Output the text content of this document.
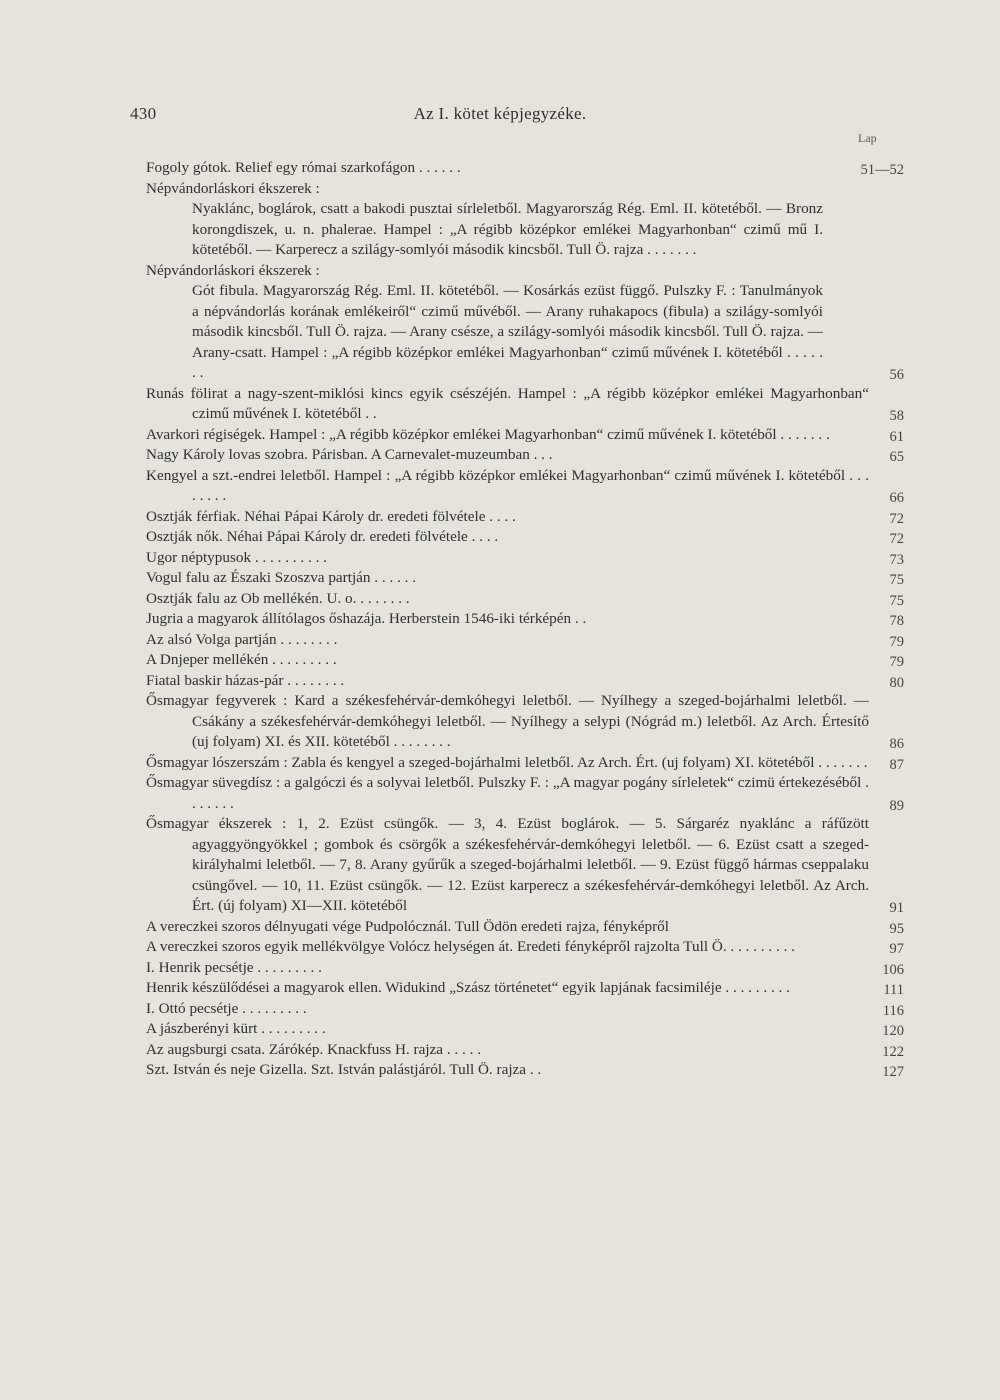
430	Az I. kötet képjegyzéke.
Lap
Fogoly gótok. Relief egy római szarkofágon . . . . . .	51—52
Népvándorláskori ékszerek :
Nyaklánc, boglárok, csatt a bakodi pusztai sírleletből. Magyarország Rég. Eml. II. kötetéből. — Bronz korongdiszek, u. n. phalerae. Hampel : „A régibb középkor emlékei Magyarhonban“ czimű mű I. kötetéből. — Karperecz a szilágy-somlyói második kincsből. Tull Ö. rajza . . . . . . .
Népvándorláskori ékszerek :
Gót fibula. Magyarország Rég. Eml. II. kötetéből. — Kosárkás ezüst függő. Pulszky F. : Tanulmányok a népvándorlás korának emlékeiről“ czimű művéből. — Arany ruhakapocs (fibula) a szilágy-somlyói második kincsből. Tull Ö. rajza. — Arany csésze, a szilágy-somlyói második kincsből. Tull Ö. rajza. — Arany-csatt. Hampel : „A régibb középkor emlékei Magyarhonban“ czimű művének I. kötetéből . . . . . . .	56
Runás fölirat a nagy-szent-miklósi kincs egyik csészéjén. Hampel : „A régibb középkor emlékei Magyarhonban“ czimű művének I. kötetéből . .	58
Avarkori régiségek. Hampel : „A régibb középkor emlékei Magyarhonban“ czimű művének I. kötetéből . . . . . . .	61
Nagy Károly lovas szobra. Párisban. A Carnevalet-muzeumban . . .	65
Kengyel a szt.-endrei leletből. Hampel : „A régibb középkor emlékei Magyarhonban“ czimű művének I. kötetéből . . . . . . . .	66
Osztják férfiak. Néhai Pápai Károly dr. eredeti fölvétele . . . .	72
Osztják nők. Néhai Pápai Károly dr. eredeti fölvétele . . . .	72
Ugor néptypusok . . . . . . . . . .	73
Vogul falu az Északi Szoszva partján . . . . . .	75
Osztják falu az Ob mellékén. U. o. . . . . . . .	75
Jugria a magyarok állítólagos őshazája. Herberstein 1546-iki térképén . .	78
Az alsó Volga partján . . . . . . . .	79
A Dnjeper mellékén . . . . . . . . .	79
Fiatal baskir házas-pár . . . . . . . .	80
Ősmagyar fegyverek : Kard a székesfehérvár-demkóhegyi leletből. — Nyílhegy a szeged-bojárhalmi leletből. — Csákány a székesfehérvár-demkóhegyi leletből. — Nyílhegy a selypi (Nógrád m.) leletből. Az Arch. Értesítő (uj folyam) XI. és XII. kötetéből . . . . . . . .	86
Ősmagyar lószerszám : Zabla és kengyel a szeged-bojárhalmi leletből. Az Arch. Ért. (uj folyam) XI. kötetéből . . . . . . . 87
Ősmagyar süvegdísz : a galgóczi és a solyvai leletből. Pulszky F. : „A magyar pogány sírleletek“ czimü értekezéséből . . . . . . .	89
Ősmagyar ékszerek : 1, 2. Ezüst csüngők. — 3, 4. Ezüst boglárok. — 5. Sárgaréz nyaklánc a ráfűzött agyaggyöngyökkel ; gombok és csörgők a székesfehérvár-demkóhegyi leletből. — 6. Ezüst csatt a szeged-királyhalmi leletből. — 7, 8. Arany gyűrűk a szeged-bojárhalmi leletből. — 9. Ezüst függő hármas cseppalaku csüngővel. — 10, 11. Ezüst csüngők. — 12. Ezüst karperecz a székesfehérvár-demkóhegyi leletből. Az Arch. Ért. (új folyam) XI—XII. kötetéből	91
A vereczkei szoros délnyugati vége Pudpolócznál. Tull Ödön eredeti rajza, fényképről	95
A vereczkei szoros egyik mellékvölgye Volócz helységen át. Eredeti fényképről rajzolta Tull Ö. . . . . . . . . .	97
I. Henrik pecsétje . . . . . . . . .	106
Henrik készülődései a magyarok ellen. Widukind „Szász történetet“ egyik lapjának facsimiléje . . . . . . . . .	111
I. Ottó pecsétje . . . . . . . . .	116
A jászberényi kürt . . . . . . . . .	120
Az augsburgi csata. Zárókép. Knackfuss H. rajza . . . . .	122
Szt. István és neje Gizella. Szt. István palástjáról. Tull Ö. rajza . .	127
